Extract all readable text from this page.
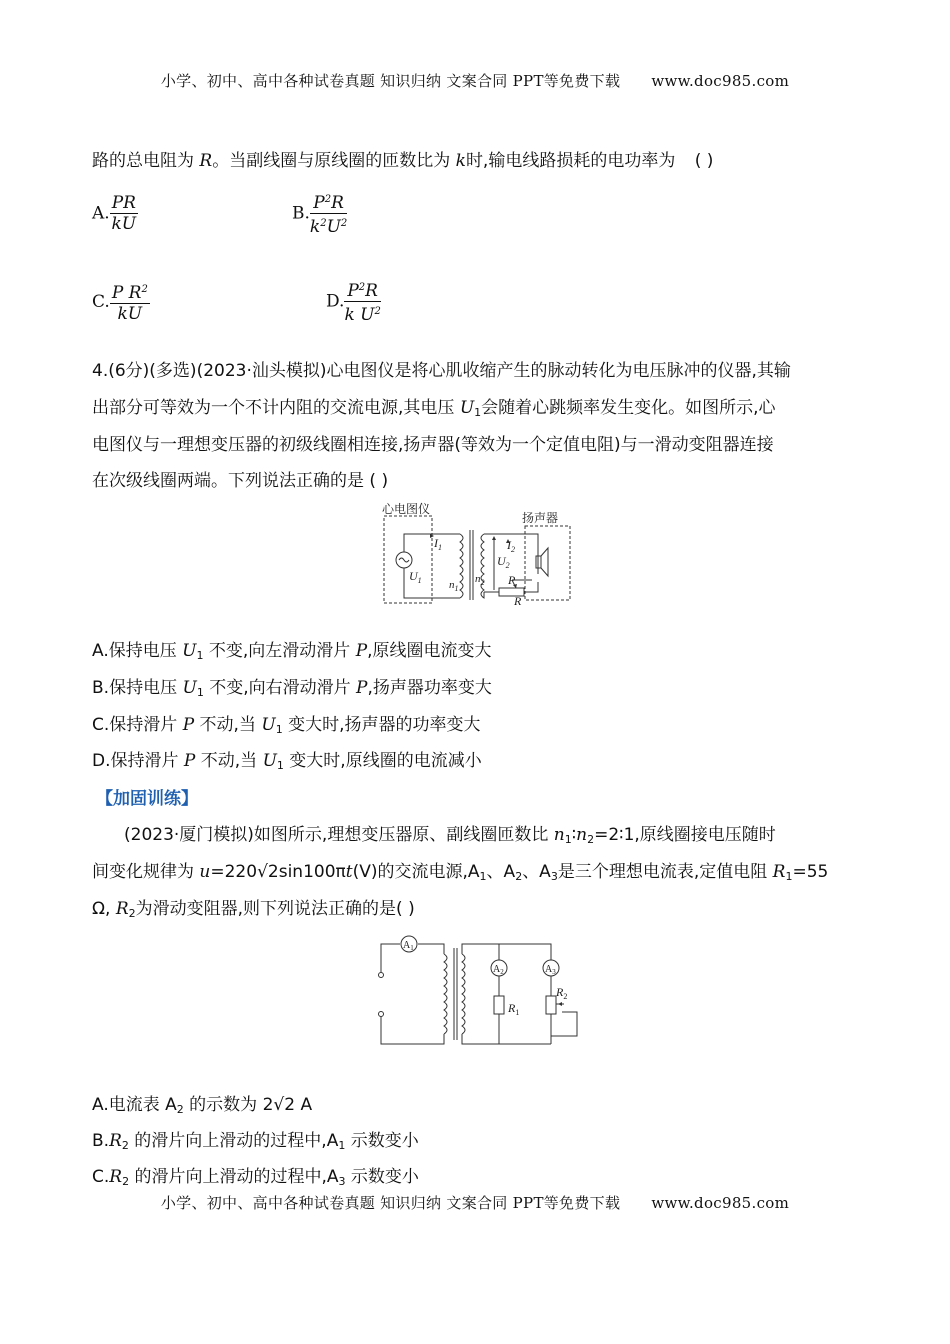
小学、初中、高中各种试卷真题 知识归纳 文案合同 PPT等免费下载 www.doc985.com
路的总电阻为 R。当副线圈与原线圈的匝数比为 k时,输电线路损耗的电功率为 ( )
A. $\frac{PR}{kU}$	B. $\frac{P^2R}{k^2U^2}$
C. $\frac{P R^2}{kU}$	D. $\frac{P^2R}{k U^2}$
4.(6分)(多选)(2023·汕头模拟)心电图仪是将心肌收缩产生的脉动转化为电压脉冲的仪器,其输
出部分可等效为一个不计内阻的交流电源,其电压 $U_1$会随着心跳频率发生变化。如图所示,心
电图仪与一理想变压器的初级线圈相连接,扬声器(等效为一个定值电阻)与一滑动变阻器连接
在次级线圈两端。下列说法正确的是 ( )
心电图仪
扬声器
$I_1$	$I_2$
$U_1$
$U_2$
$n_1$
$n_2$ P
R
A.保持电压 $U_1$ 不变,向左滑动滑片 P,原线圈电流变大
B.保持电压 $U_1$ 不变,向右滑动滑片 P,扬声器功率变大
C.保持滑片 P 不动,当 $U_1$ 变大时,扬声器的功率变大
D.保持滑片 P 不动,当 $U_1$ 变大时,原线圈的电流减小
【加固训练】
(2023·厦门模拟)如图所示,理想变压器原、副线圈匝数比 $n_1∶n_2=2∶1$,原线圈接电压随时
间变化规律为 u=220√2sin100πt(V)的交流电源$,A_1$、$A_2$、$A_3$是三个理想电流表,定值电阻 $R_1=55$
Ω, $R_2$为滑动变阻器,则下列说法正确的是( )
$A_1$
$A_2$	$A_3$
$R_1$
$R_2$
A.电流表 $A_2$ 的示数为 2√2 A
$B.R_2$ 的滑片向上滑动的过程中$,A_1$ 示数变小
$C.R_2$ 的滑片向上滑动的过程中$,A_3$ 示数变小
小学、初中、高中各种试卷真题 知识归纳 文案合同 PPT等免费下载 www.doc985.com
